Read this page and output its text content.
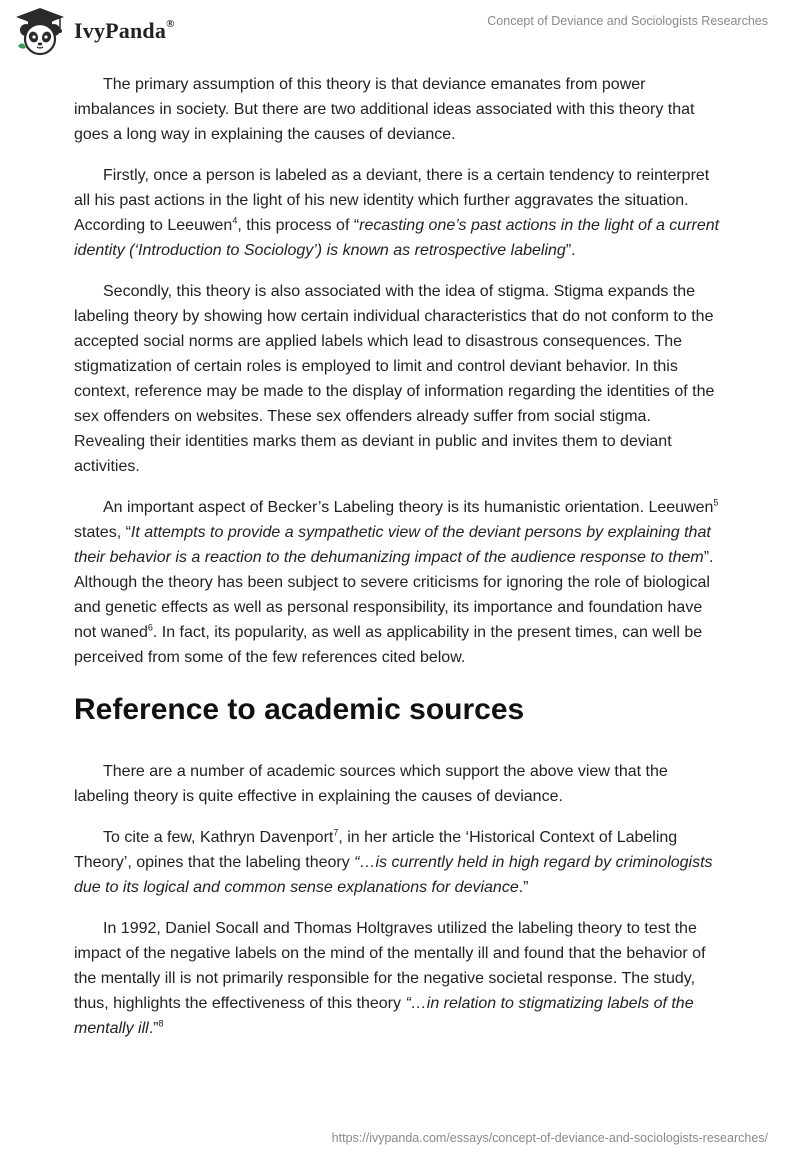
IvyPanda®	Concept of Deviance and Sociologists Researches

The primary assumption of this theory is that deviance emanates from power imbalances in society. But there are two additional ideas associated with this theory that goes a long way in explaining the causes of deviance.

Firstly, once a person is labeled as a deviant, there is a certain tendency to reinterpret all his past actions in the light of his new identity which further aggravates the situation. According to Leeuwen$^4$, this process of “recasting one’s past actions in the light of a current identity (‘Introduction to Sociology’) is known as retrospective labeling”.

Secondly, this theory is also associated with the idea of stigma. Stigma expands the labeling theory by showing how certain individual characteristics that do not conform to the accepted social norms are applied labels which lead to disastrous consequences. The stigmatization of certain roles is employed to limit and control deviant behavior. In this context, reference may be made to the display of information regarding the identities of the sex offenders on websites. These sex offenders already suffer from social stigma. Revealing their identities marks them as deviant in public and invites them to deviant activities.

An important aspect of Becker’s Labeling theory is its humanistic orientation. Leeuwen$^5$ states, “It attempts to provide a sympathetic view of the deviant persons by explaining that their behavior is a reaction to the dehumanizing impact of the audience response to them”. Although the theory has been subject to severe criticisms for ignoring the role of biological and genetic effects as well as personal responsibility, its importance and foundation have not waned$^6$. In fact, its popularity, as well as applicability in the present times, can well be perceived from some of the few references cited below.

Reference to academic sources

There are a number of academic sources which support the above view that the labeling theory is quite effective in explaining the causes of deviance.

To cite a few, Kathryn Davenport$^7$, in her article the ‘Historical Context of Labeling Theory’, opines that the labeling theory “…is currently held in high regard by criminologists due to its logical and common sense explanations for deviance.”

In 1992, Daniel Socall and Thomas Holtgraves utilized the labeling theory to test the impact of the negative labels on the mind of the mentally ill and found that the behavior of the mentally ill is not primarily responsible for the negative societal response. The study, thus, highlights the effectiveness of this theory “…in relation to stigmatizing labels of the mentally ill.”$^8$

https://ivypanda.com/essays/concept-of-deviance-and-sociologists-researches/
